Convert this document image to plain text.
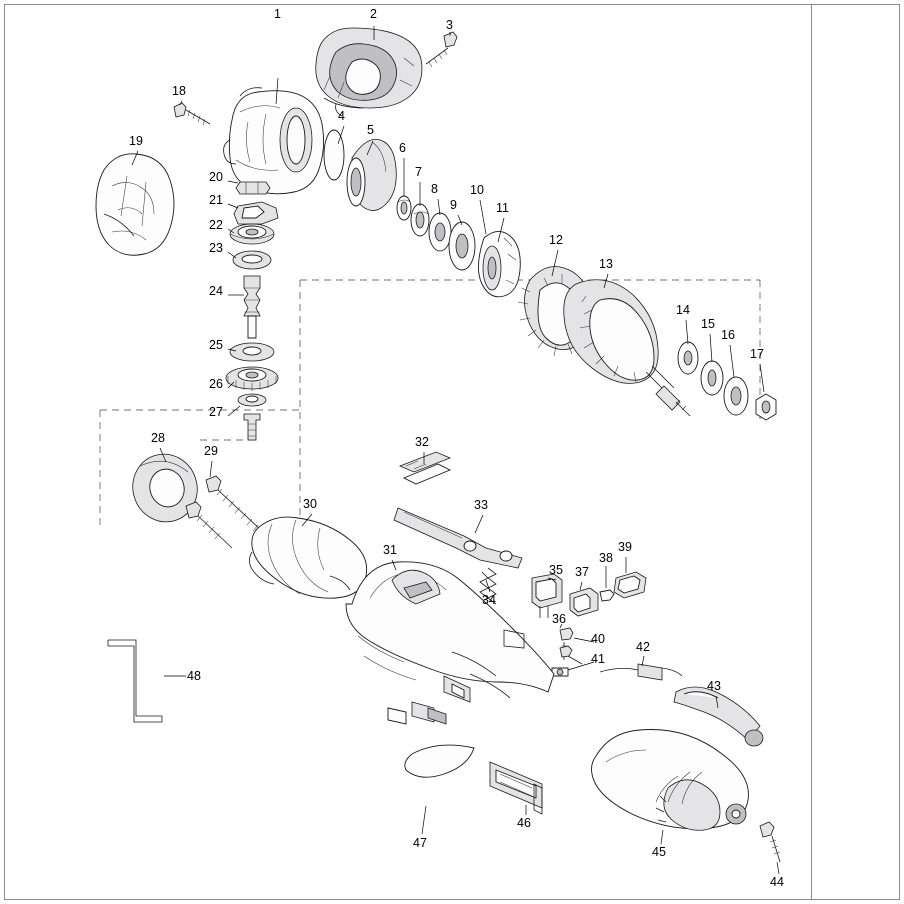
1	2
3
4
5
6
7
8
9
10
11
12
13
14
15
16
17
18
19
20
21
22
23
24
25
26
27
28
29
30
31
32
33
34
35
36
37
38
39
40
41
42
43
44
45
46
47
48
